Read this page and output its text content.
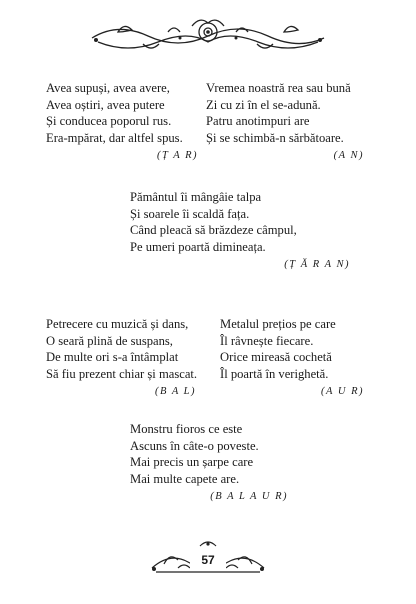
Avea supuși, avea avere,

Avea oștiri, avea putere

Și conducea poporul rus.

Era-mpărat, dar altfel spus.

(Ț A R)

Vremea noastră rea sau bună

Zi cu zi în el se-adună.

Patru anotimpuri are

Și se schimbă-n sărbătoare.

(A N)

Pământul îi mângâie talpa

Și soarele îi scaldă fața.

Când pleacă să brăzdeze câmpul,

Pe umeri poartă dimineața.

(Ț Ă R A N)

Petrecere cu muzică și dans,

O seară plină de suspans,

De multe ori s-a întâmplat

Să fiu prezent chiar și mascat.

(B A L)

Metalul prețios pe care

Îl râvnește fiecare.

Orice mireasă cochetă

Îl poartă în verighetă.

(A U R)

Monstru fioros ce este

Ascuns în câte-o poveste.

Mai precis un șarpe care

Mai multe capete are.

(B A L A U R)

57
